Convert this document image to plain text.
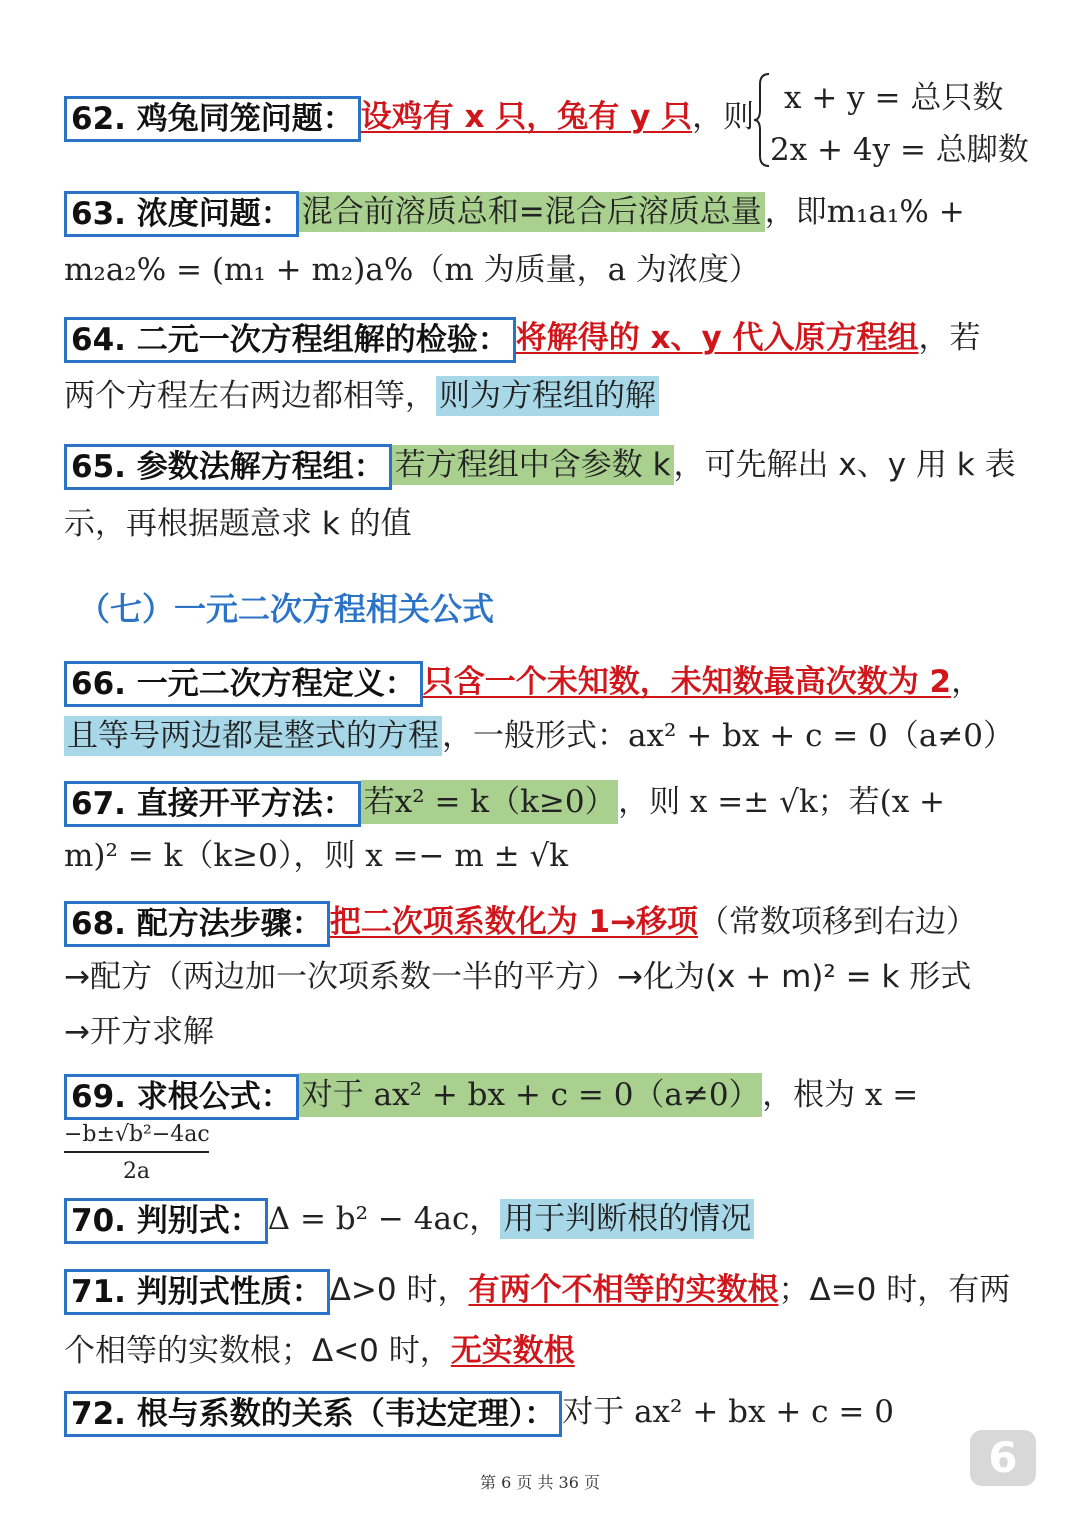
62. 鸡兔同笼问题： 设鸡有 x 只，兔有 y 只，则
x + y = 总只数
2x + 4y = 总脚数
63. 浓度问题： 混合前溶质总和=混合后溶质总量，即m₁a₁% +
m₂a₂% = (m₁ + m₂)a%（m 为质量，a 为浓度）
64. 二元一次方程组解的检验： 将解得的 x、y 代入原方程组，若
两个方程左右两边都相等，则为方程组的解
65. 参数法解方程组： 若方程组中含参数 k，可先解出 x、y 用 k 表
示，再根据题意求 k 的值
（七）一元二次方程相关公式
66. 一元二次方程定义： 只含一个未知数，未知数最高次数为 2，
且等号两边都是整式的方程，一般形式：ax² + bx + c = 0（a≠0）
67. 直接开平方法： 若x² = k（k≥0） ，则 x =± √k；若(x +
m)² = k（k≥0），则 x =− m ± √k
68. 配方法步骤： 把二次项系数化为 1→移项（常数项移到右边）
→配方（两边加一次项系数一半的平方）→化为(x + m)² = k 形式
→开方求解
69. 求根公式： 对于 ax² + bx + c = 0（a≠0） ，根为 x =
$\frac{\text{−b±√b²−4ac}}{2a}$
70. 判别式： Δ = b² − 4ac，用于判断根的情况
71. 判别式性质： Δ>0 时，有两个不相等的实数根；Δ=0 时，有两
个相等的实数根；Δ<0 时，无实数根
72. 根与系数的关系（韦达定理）： 对于 ax² + bx + c = 0
6
第 6 页 共 36 页
